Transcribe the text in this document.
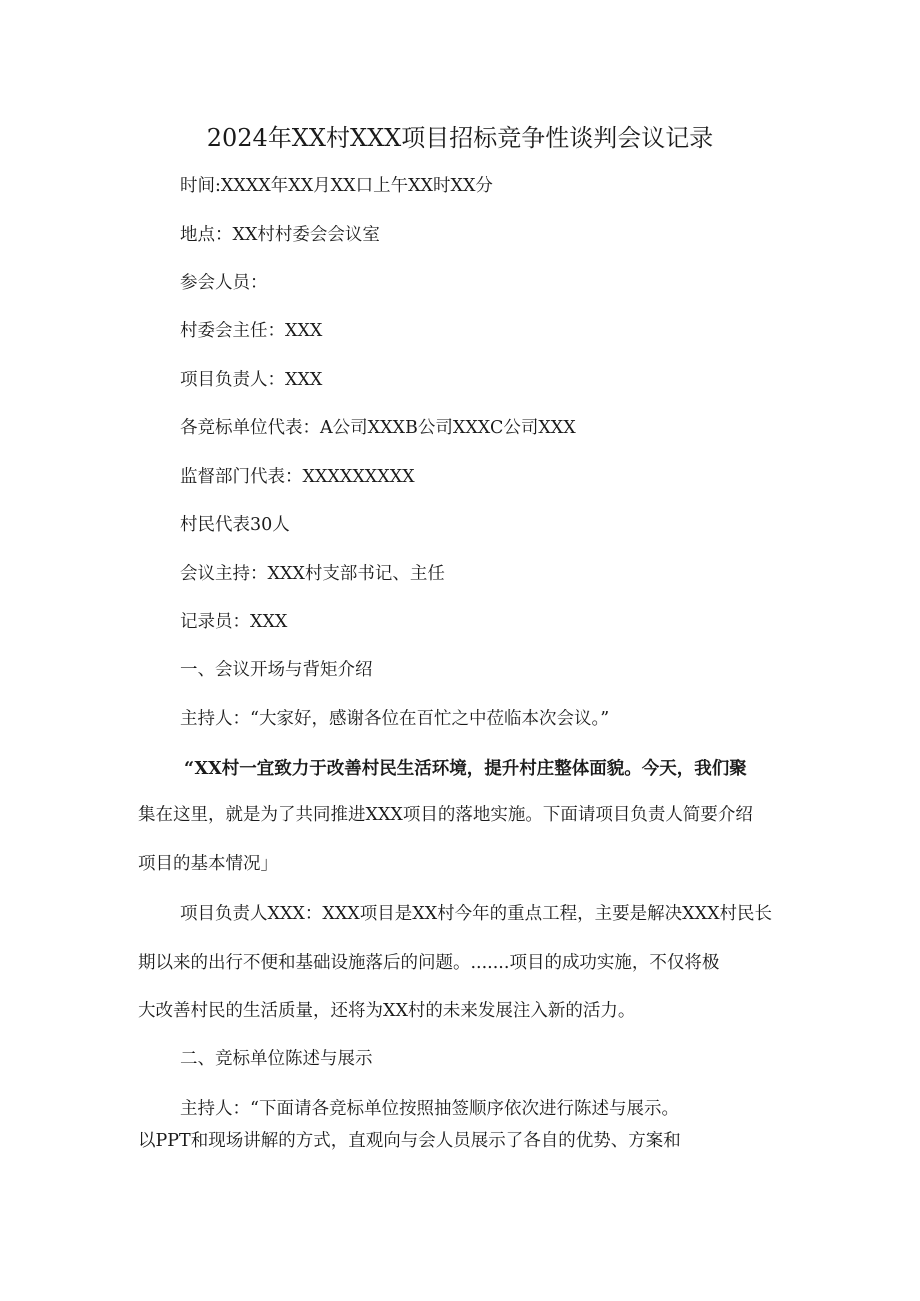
2024年XX村XXX项目招标竞争性谈判会议记录
时间:XXXX年XX月XX口上午XX时XX分
地点：XX村村委会会议室
参会人员：
村委会主任：XXX
项目负责人：XXX
各竞标单位代表：A公司XXXB公司XXXC公司XXX
监督部门代表：XXXXXXXXX
村民代表30人
会议主持：XXX村支部书记、主任
记录员：XXX
一、会议开场与背矩介绍
主持人：“大家好，感谢各位在百忙之中莅临本次会议。”
“XX村一宜致力于改善村民生活环境，提升村庄整体面貌。今天，我们聚
集在这里，就是为了共同推进XXX项目的落地实施。下面请项目负责人简要介绍
项目的基本情况」
项目负责人XXX：XXX项目是XX村今年的重点工程，主要是解决XXX村民长
期以来的出行不便和基础设施落后的问题。.......项目的成功实施，不仅将极
大改善村民的生活质量，还将为XX村的未来发展注入新的活力。
二、竞标单位陈述与展示
主持人：“下面请各竞标单位按照抽签顺序依次进行陈述与展示。
以PPT和现场讲解的方式，直观向与会人员展示了各自的优势、方案和
